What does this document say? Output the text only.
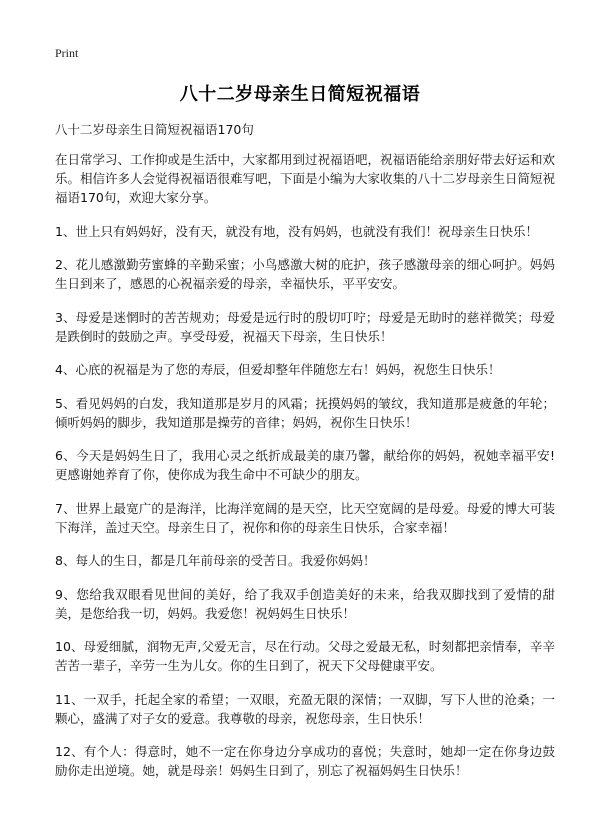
Print
八十二岁母亲生日简短祝福语
八十二岁母亲生日简短祝福语170句

在日常学习、工作抑或是生活中，大家都用到过祝福语吧，祝福语能给亲朋好带去好运和欢乐。相信许多人会觉得祝福语很难写吧，下面是小编为大家收集的八十二岁母亲生日简短祝福语170句，欢迎大家分享。

1、世上只有妈妈好，没有天，就没有地，没有妈妈，也就没有我们！祝母亲生日快乐！

2、花儿感激勤劳蜜蜂的辛勤采蜜；小鸟感激大树的庇护，孩子感激母亲的细心呵护。妈妈生日到来了，感恩的心祝福亲爱的母亲，幸福快乐，平平安安。

3、母爱是迷惘时的苦苦规劝；母爱是远行时的殷切叮咛；母爱是无助时的慈祥微笑；母爱是跌倒时的鼓励之声。享受母爱，祝福天下母亲，生日快乐！

4、心底的祝福是为了您的寿辰，但爱却整年伴随您左右！妈妈，祝您生日快乐！

5、看见妈妈的白发，我知道那是岁月的风霜；抚摸妈妈的皱纹，我知道那是疲惫的年轮；倾听妈妈的脚步，我知道那是操劳的音律；妈妈，祝你生日快乐！

6、今天是妈妈生日了，我用心灵之纸折成最美的康乃馨，献给你的妈妈，祝她幸福平安!更感谢她养育了你，使你成为我生命中不可缺少的朋友。

7、世界上最宽广的是海洋，比海洋宽阔的是天空，比天空宽阔的是母爱。母爱的博大可装下海洋，盖过天空。母亲生日了，祝你和你的母亲生日快乐，合家幸福！

8、每人的生日，都是几年前母亲的受苦日。我爱你妈妈！

9、您给我双眼看见世间的美好，给了我双手创造美好的未来，给我双脚找到了爱情的甜美，是您给我一切，妈妈。我爱您！祝妈妈生日快乐！

10、母爱细腻，润物无声,父爱无言，尽在行动。父母之爱最无私，时刻都把亲情奉，辛辛苦苦一辈子，辛劳一生为儿女。你的生日到了，祝天下父母健康平安。

11、一双手，托起全家的希望；一双眼，充盈无限的深情；一双脚，写下人世的沧桑；一颗心，盛满了对子女的爱意。我尊敬的母亲，祝您母亲，生日快乐！

12、有个人：得意时，她不一定在你身边分享成功的喜悦；失意时，她却一定在你身边鼓励你走出逆境。她，就是母亲！妈妈生日到了，别忘了祝福妈妈生日快乐！
